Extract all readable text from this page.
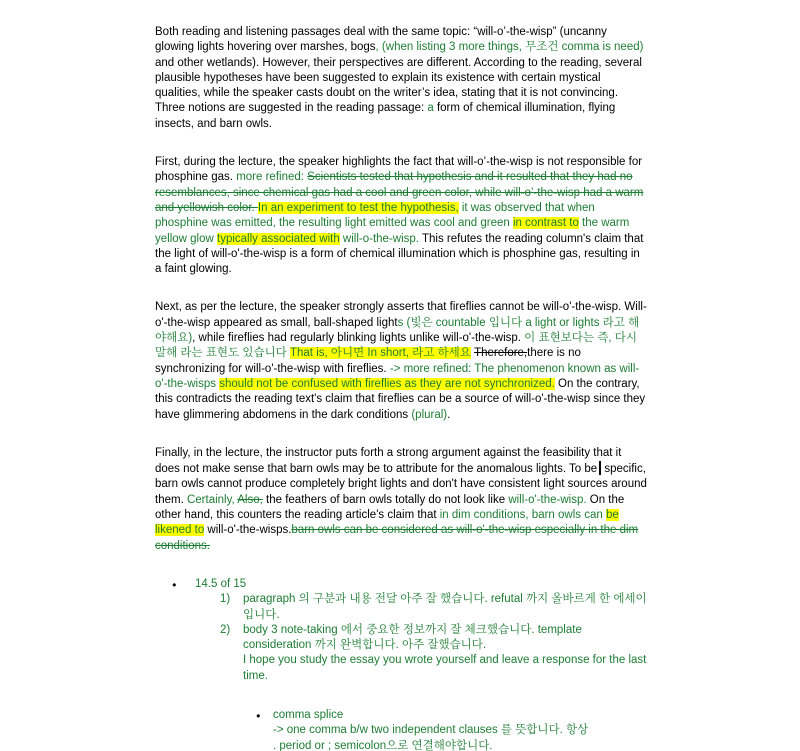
Both reading and listening passages deal with the same topic: “will-o’-the-wisp” (uncanny glowing lights hovering over marshes, bogs, (when listing 3 more things, 무조건 comma is need) and other wetlands). However, their perspectives are different. According to the reading, several plausible hypotheses have been suggested to explain its existence with certain mystical qualities, while the speaker casts doubt on the writer’s idea, stating that it is not convincing. Three notions are suggested in the reading passage: a form of chemical illumination, flying insects, and barn owls.

First, during the lecture, the speaker highlights the fact that will-o’-the-wisp is not responsible for phosphine gas. more refined: Scientists tested that hypothesis and it resulted that they had no resemblances, since chemical gas had a cool and green color, while will-o’-the-wisp had a warm and yellowish color. In an experiment to test the hypothesis, it was observed that when phosphine was emitted, the resulting light emitted was cool and green in contrast to the warm yellow glow typically associated with will-o-the-wisp. This refutes the reading column's claim that the light of will-o'-the-wisp is a form of chemical illumination which is phosphine gas, resulting in a faint glowing.

Next, as per the lecture, the speaker strongly asserts that fireflies cannot be will-o'-the-wisp. Will-o'-the-wisp appeared as small, ball-shaped lights (빛은 countable 입니다 a light or lights 라고 해야해요), while fireflies had regularly blinking lights unlike will-o'-the-wisp. 이 표현보다는 즉, 다시 말해 라는 표현도 있습니다 That is, 아니면 In short, 라고 하세요 Therefore,there is no synchronizing for will-o'-the-wisp with fireflies. -> more refined: The phenomenon known as will-o'-the-wisps should not be confused with fireflies as they are not synchronized. On the contrary, this contradicts the reading text's claim that fireflies can be a source of will-o'-the-wisp since they have glimmering abdomens in the dark conditions (plural).

Finally, in the lecture, the instructor puts forth a strong argument against the feasibility that it does not make sense that barn owls may be to attribute for the anomalous lights. To be specific, barn owls cannot produce completely bright lights and don't have consistent light sources around them. Certainly, Also, the feathers of barn owls totally do not look like will-o'-the-wisp. On the other hand, this counters the reading article's claim that in dim conditions, barn owls can be likened to will-o'-the-wisps.barn owls can be considered as will-o'-the-wisp especially in the dim conditions.

●	14.5 of 15
1)	paragraph 의 구분과 내용 전달 아주 잘 했습니다. refutal 까지 올바르게 한 에세이 입니다.
2)	body 3 note-taking 에서 중요한 정보까지 잘 체크했습니다. template consideration 까지 완벽합니다. 아주 잘했습니다.
I hope you study the essay you wrote yourself and leave a response for the last time.
●	comma splice
-> one comma b/w two independent clauses 를 뜻합니다. 항상
. period or ; semicolon으로 연결해야합니다.
